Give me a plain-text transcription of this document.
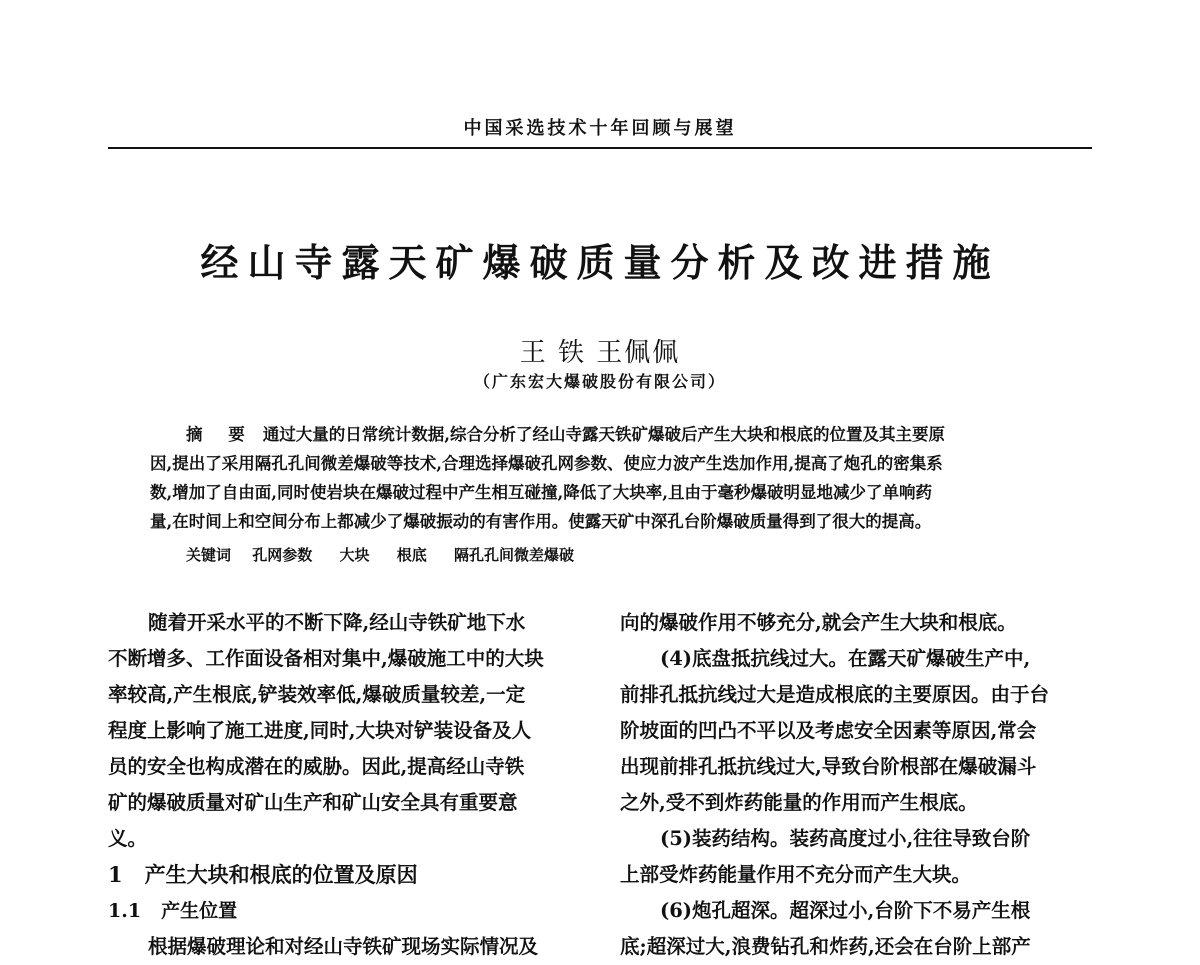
中国采选技术十年回顾与展望
经山寺露天矿爆破质量分析及改进措施
王 铁 王佩佩
（广东宏大爆破股份有限公司）
摘 要 通过大量的日常统计数据,综合分析了经山寺露天铁矿爆破后产生大块和根底的位置及其主要原
因,提出了采用隔孔孔间微差爆破等技术,合理选择爆破孔网参数、使应力波产生迭加作用,提高了炮孔的密集系
数,增加了自由面,同时使岩块在爆破过程中产生相互碰撞,降低了大块率,且由于毫秒爆破明显地减少了单响药
量,在时间上和空间分布上都减少了爆破振动的有害作用。使露天矿中深孔台阶爆破质量得到了很大的提高。
关键词 孔网参数 大块 根底 隔孔孔间微差爆破
随着开采水平的不断下降,经山寺铁矿地下水
不断增多、工作面设备相对集中,爆破施工中的大块
率较高,产生根底,铲装效率低,爆破质量较差,一定
程度上影响了施工进度,同时,大块对铲装设备及人
员的安全也构成潜在的威胁。因此,提高经山寺铁
矿的爆破质量对矿山生产和矿山安全具有重要意
义。
1 产生大块和根底的位置及原因
1.1 产生位置
根据爆破理论和对经山寺铁矿现场实际情况及
向的爆破作用不够充分,就会产生大块和根底。
(4)底盘抵抗线过大。在露天矿爆破生产中,
前排孔抵抗线过大是造成根底的主要原因。由于台
阶坡面的凹凸不平以及考虑安全因素等原因,常会
出现前排孔抵抗线过大,导致台阶根部在爆破漏斗
之外,受不到炸药能量的作用而产生根底。
(5)装药结构。装药高度过小,往往导致台阶
上部受炸药能量作用不充分而产生大块。
(6)炮孔超深。超深过小,台阶下不易产生根
底;超深过大,浪费钻孔和炸药,还会在台阶上部产
